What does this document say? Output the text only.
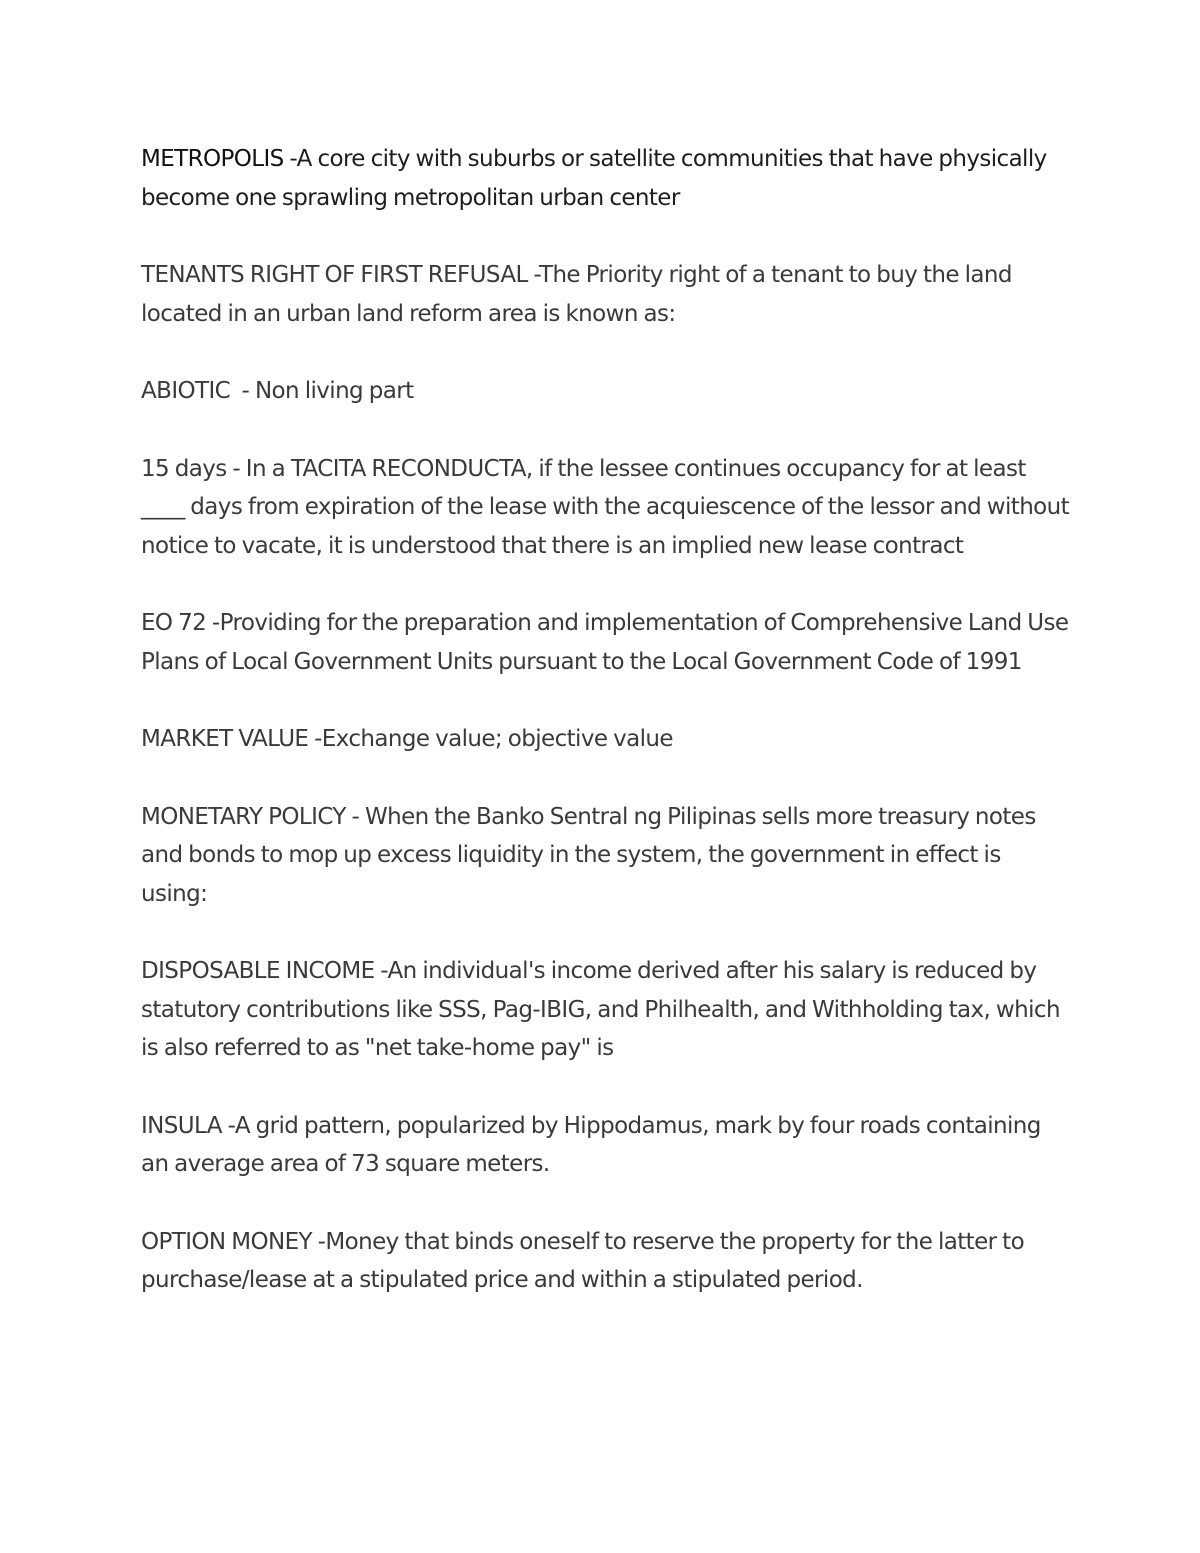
METROPOLIS -A core city with suburbs or satellite communities that have physically become one sprawling metropolitan urban center

TENANTS RIGHT OF FIRST REFUSAL -The Priority right of a tenant to buy the land located in an urban land reform area is known as:

ABIOTIC  - Non living part

15 days - In a TACITA RECONDUCTA, if the lessee continues occupancy for at least ____ days from expiration of the lease with the acquiescence of the lessor and without notice to vacate, it is understood that there is an implied new lease contract

EO 72 -Providing for the preparation and implementation of Comprehensive Land Use Plans of Local Government Units pursuant to the Local Government Code of 1991

MARKET VALUE -Exchange value; objective value

MONETARY POLICY - When the Banko Sentral ng Pilipinas sells more treasury notes and bonds to mop up excess liquidity in the system, the government in effect is using:

DISPOSABLE INCOME -An individual's income derived after his salary is reduced by statutory contributions like SSS, Pag-IBIG, and Philhealth, and Withholding tax, which is also referred to as "net take-home pay" is

INSULA -A grid pattern, popularized by Hippodamus, mark by four roads containing an average area of 73 square meters.

OPTION MONEY -Money that binds oneself to reserve the property for the latter to purchase/lease at a stipulated price and within a stipulated period.
